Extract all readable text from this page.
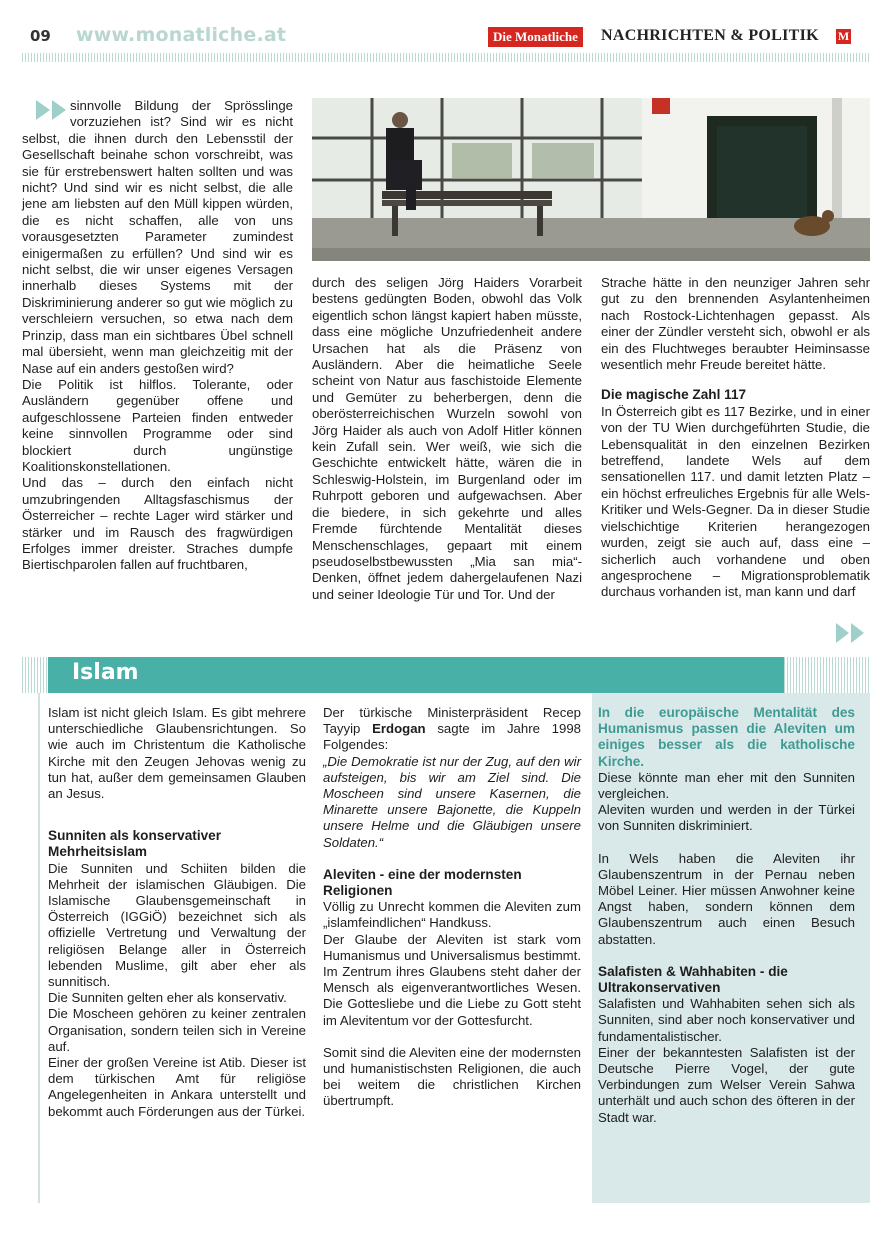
09 www.monatliche.at	Die Monatliche	NACHRICHTEN & POLITIK M

sinnvolle Bildung der Sprösslinge vorzuziehen ist? Sind wir es nicht selbst, die ihnen durch den Lebensstil der Gesellschaft beinahe schon vorschreibt, was sie für erstrebenswert halten sollten und was nicht? Und sind wir es nicht selbst, die alle jene am liebsten auf den Müll kippen würden, die es nicht schaffen, alle von uns vorausgesetzten Parameter zumindest einigermaßen zu erfüllen? Und sind wir es nicht selbst, die wir unser eigenes Versagen innerhalb dieses Systems mit der Diskriminierung anderer so gut wie möglich zu verschleiern versuchen, so etwa nach dem Prinzip, dass man ein sichtbares Übel schnell mal übersieht, wenn man gleichzeitig mit der Nase auf ein anders gestoßen wird?

Die Politik ist hilflos. Tolerante, oder Ausländern gegenüber offene und aufgeschlossene Parteien finden entweder keine sinnvollen Programme oder sind blockiert durch ungünstige Koalitionskonstellationen.

Und das – durch den einfach nicht umzubringenden Alltagsfaschismus der Österreicher – rechte Lager wird stärker und stärker und im Rausch des fragwürdigen Erfolges immer dreister. Straches dumpfe Biertischparolen fallen auf fruchtbaren,

durch des seligen Jörg Haiders Vorarbeit bestens gedüngten Boden, obwohl das Volk eigentlich schon längst kapiert haben müsste, dass eine mögliche Unzufriedenheit andere Ursachen hat als die Präsenz von Ausländern. Aber die heimatliche Seele scheint von Natur aus faschistoide Elemente und Gemüter zu beherbergen, denn die oberösterreichischen Wurzeln sowohl von Jörg Haider als auch von Adolf Hitler können kein Zufall sein. Wer weiß, wie sich die Geschichte entwickelt hätte, wären die in Schleswig-Holstein, im Burgenland oder im Ruhrpott geboren und aufgewachsen. Aber die biedere, in sich gekehrte und alles Fremde fürchtende Mentalität dieses Menschenschlages, gepaart mit einem pseudoselbstbewussten „Mia san mia“-Denken, öffnet jedem dahergelaufenen Nazi und seiner Ideologie Tür und Tor. Und der

Strache hätte in den neunziger Jahren sehr gut zu den brennenden Asylantenheimen nach Rostock-Lichtenhagen gepasst. Als einer der Zündler versteht sich, obwohl er als ein des Fluchtweges beraubter Heiminsasse wesentlich mehr Freude bereitet hätte.

Die magische Zahl 117

In Österreich gibt es 117 Bezirke, und in einer von der TU Wien durchgeführten Studie, die Lebensqualität in den einzelnen Bezirken betreffend, landete Wels auf dem sensationellen 117. und damit letzten Platz – ein höchst erfreuliches Ergebnis für alle Wels-Kritiker und Wels-Gegner. Da in dieser Studie vielschichtige Kriterien herangezogen wurden, zeigt sie auch auf, dass eine – sicherlich auch vorhandene und oben angesprochene – Migrationsproblematik durchaus vorhanden ist, man kann und darf

Islam

Islam ist nicht gleich Islam. Es gibt mehrere unterschiedliche Glaubensrichtungen. So wie auch im Christentum die Katholische Kirche mit den Zeugen Jehovas wenig zu tun hat, außer dem gemeinsamen Glauben an Jesus.

Sunniten als konservativer Mehrheitsislam

Die Sunniten und Schiiten bilden die Mehrheit der islamischen Gläubigen. Die Islamische Glaubensgemeinschaft in Österreich (IGGiÖ) bezeichnet sich als offizielle Vertretung und Verwaltung der religiösen Belange aller in Österreich lebenden Muslime, gilt aber eher als sunnitisch.

Die Sunniten gelten eher als konservativ.

Die Moscheen gehören zu keiner zentralen Organisation, sondern teilen sich in Vereine auf.

Einer der großen Vereine ist Atib. Dieser ist dem türkischen Amt für religiöse Angelegenheiten in Ankara unterstellt und bekommt auch Förderungen aus der Türkei.

Der türkische Ministerpräsident Recep Tayyip Erdogan sagte im Jahre 1998 Folgendes:

„Die Demokratie ist nur der Zug, auf den wir aufsteigen, bis wir am Ziel sind. Die Moscheen sind unsere Kasernen, die Minarette unsere Bajonette, die Kuppeln unsere Helme und die Gläubigen unsere Soldaten.“

Aleviten - eine der modernsten Religionen

Völlig zu Unrecht kommen die Aleviten zum „islamfeindlichen“ Handkuss.

Der Glaube der Aleviten ist stark vom Humanismus und Universalismus bestimmt. Im Zentrum ihres Glaubens steht daher der Mensch als eigenverantwortliches Wesen. Die Gottesliebe und die Liebe zu Gott steht im Alevitentum vor der Gottesfurcht.

Somit sind die Aleviten eine der modernsten und humanistischsten Religionen, die auch bei weitem die christlichen Kirchen übertrumpft.

In die europäische Mentalität des Humanismus passen die Aleviten um einiges besser als die katholische Kirche.

Diese könnte man eher mit den Sunniten vergleichen.

Aleviten wurden und werden in der Türkei von Sunniten diskriminiert.

In Wels haben die Aleviten ihr Glaubenszentrum in der Pernau neben Möbel Leiner. Hier müssen Anwohner keine Angst haben, sondern können dem Glaubenszentrum auch einen Besuch abstatten.

Salafisten & Wahhabiten - die Ultrakonservativen

Salafisten und Wahhabiten sehen sich als Sunniten, sind aber noch konservativer und fundamentalistischer.

Einer der bekanntesten Salafisten ist der Deutsche Pierre Vogel, der gute Verbindungen zum Welser Verein Sahwa unterhält und auch schon des öfteren in der Stadt war.
